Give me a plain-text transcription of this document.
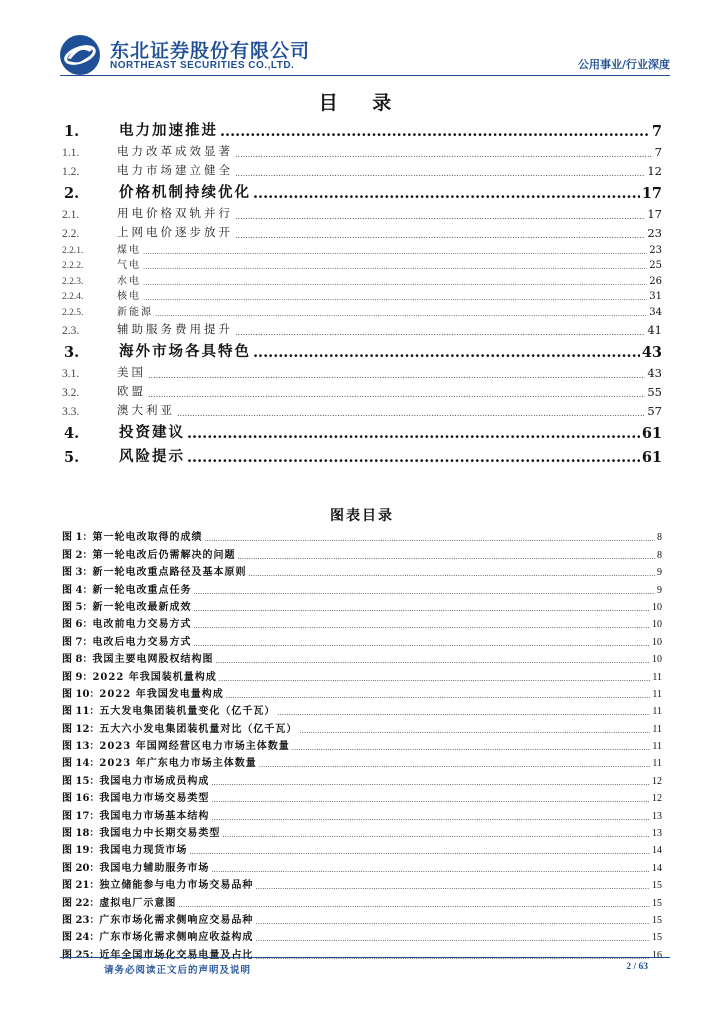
东北证券股份有限公司
NORTHEAST SECURITIES CO.,LTD.	公用事业/行业深度
目 录
1.	电力加速推进 .....	7
1.1.	电力改革成效显著 .....	7
1.2.	电力市场建立健全 .....	12
2.	价格机制持续优化 .....	17
2.1.	用电价格双轨并行 .....	17
2.2.	上网电价逐步放开 .....	23
2.2.1.	煤电 .....	23
2.2.2.	气电 .....	25
2.2.3.	水电 .....	26
2.2.4.	核电 .....	31
2.2.5.	新能源 .....	34
2.3.	辅助服务费用提升 .....	41
3.	海外市场各具特色 .....	43
3.1.	美国 .....	43
3.2.	欧盟 .....	55
3.3.	澳大利亚 .....	57
4.	投资建议 .....	61
5.	风险提示 .....	61
图表目录
图 1： 第一轮电改取得的成绩 .....	8
图 2： 第一轮电改后仍需解决的问题 .....	8
图 3： 新一轮电改重点路径及基本原则 .....	9
图 4： 新一轮电改重点任务 .....	9
图 5： 新一轮电改最新成效 .....	10
图 6： 电改前电力交易方式 .....	10
图 7： 电改后电力交易方式 .....	10
图 8： 我国主要电网股权结构图 .....	10
图 9： 2022 年我国装机量构成 .....	11
图 10： 2022 年我国发电量构成 .....	11
图 11： 五大发电集团装机量变化（亿千瓦） .....	11
图 12： 五大六小发电集团装机量对比（亿千瓦） .....	11
图 13： 2023 年国网经营区电力市场主体数量 .....	11
图 14： 2023 年广东电力市场主体数量 .....	11
图 15： 我国电力市场成员构成 .....	12
图 16： 我国电力市场交易类型 .....	12
图 17： 我国电力市场基本结构 .....	13
图 18： 我国电力中长期交易类型 .....	13
图 19： 我国电力现货市场 .....	14
图 20： 我国电力辅助服务市场 .....	14
图 21： 独立储能参与电力市场交易品种 .....	15
图 22： 虚拟电厂示意图 .....	15
图 23： 广东市场化需求侧响应交易品种 .....	15
图 24： 广东市场化需求侧响应收益构成 .....	15
图 25： 近年全国市场化交易电量及占比 .....	16
请务必阅读正文后的声明及说明	2 / 63
